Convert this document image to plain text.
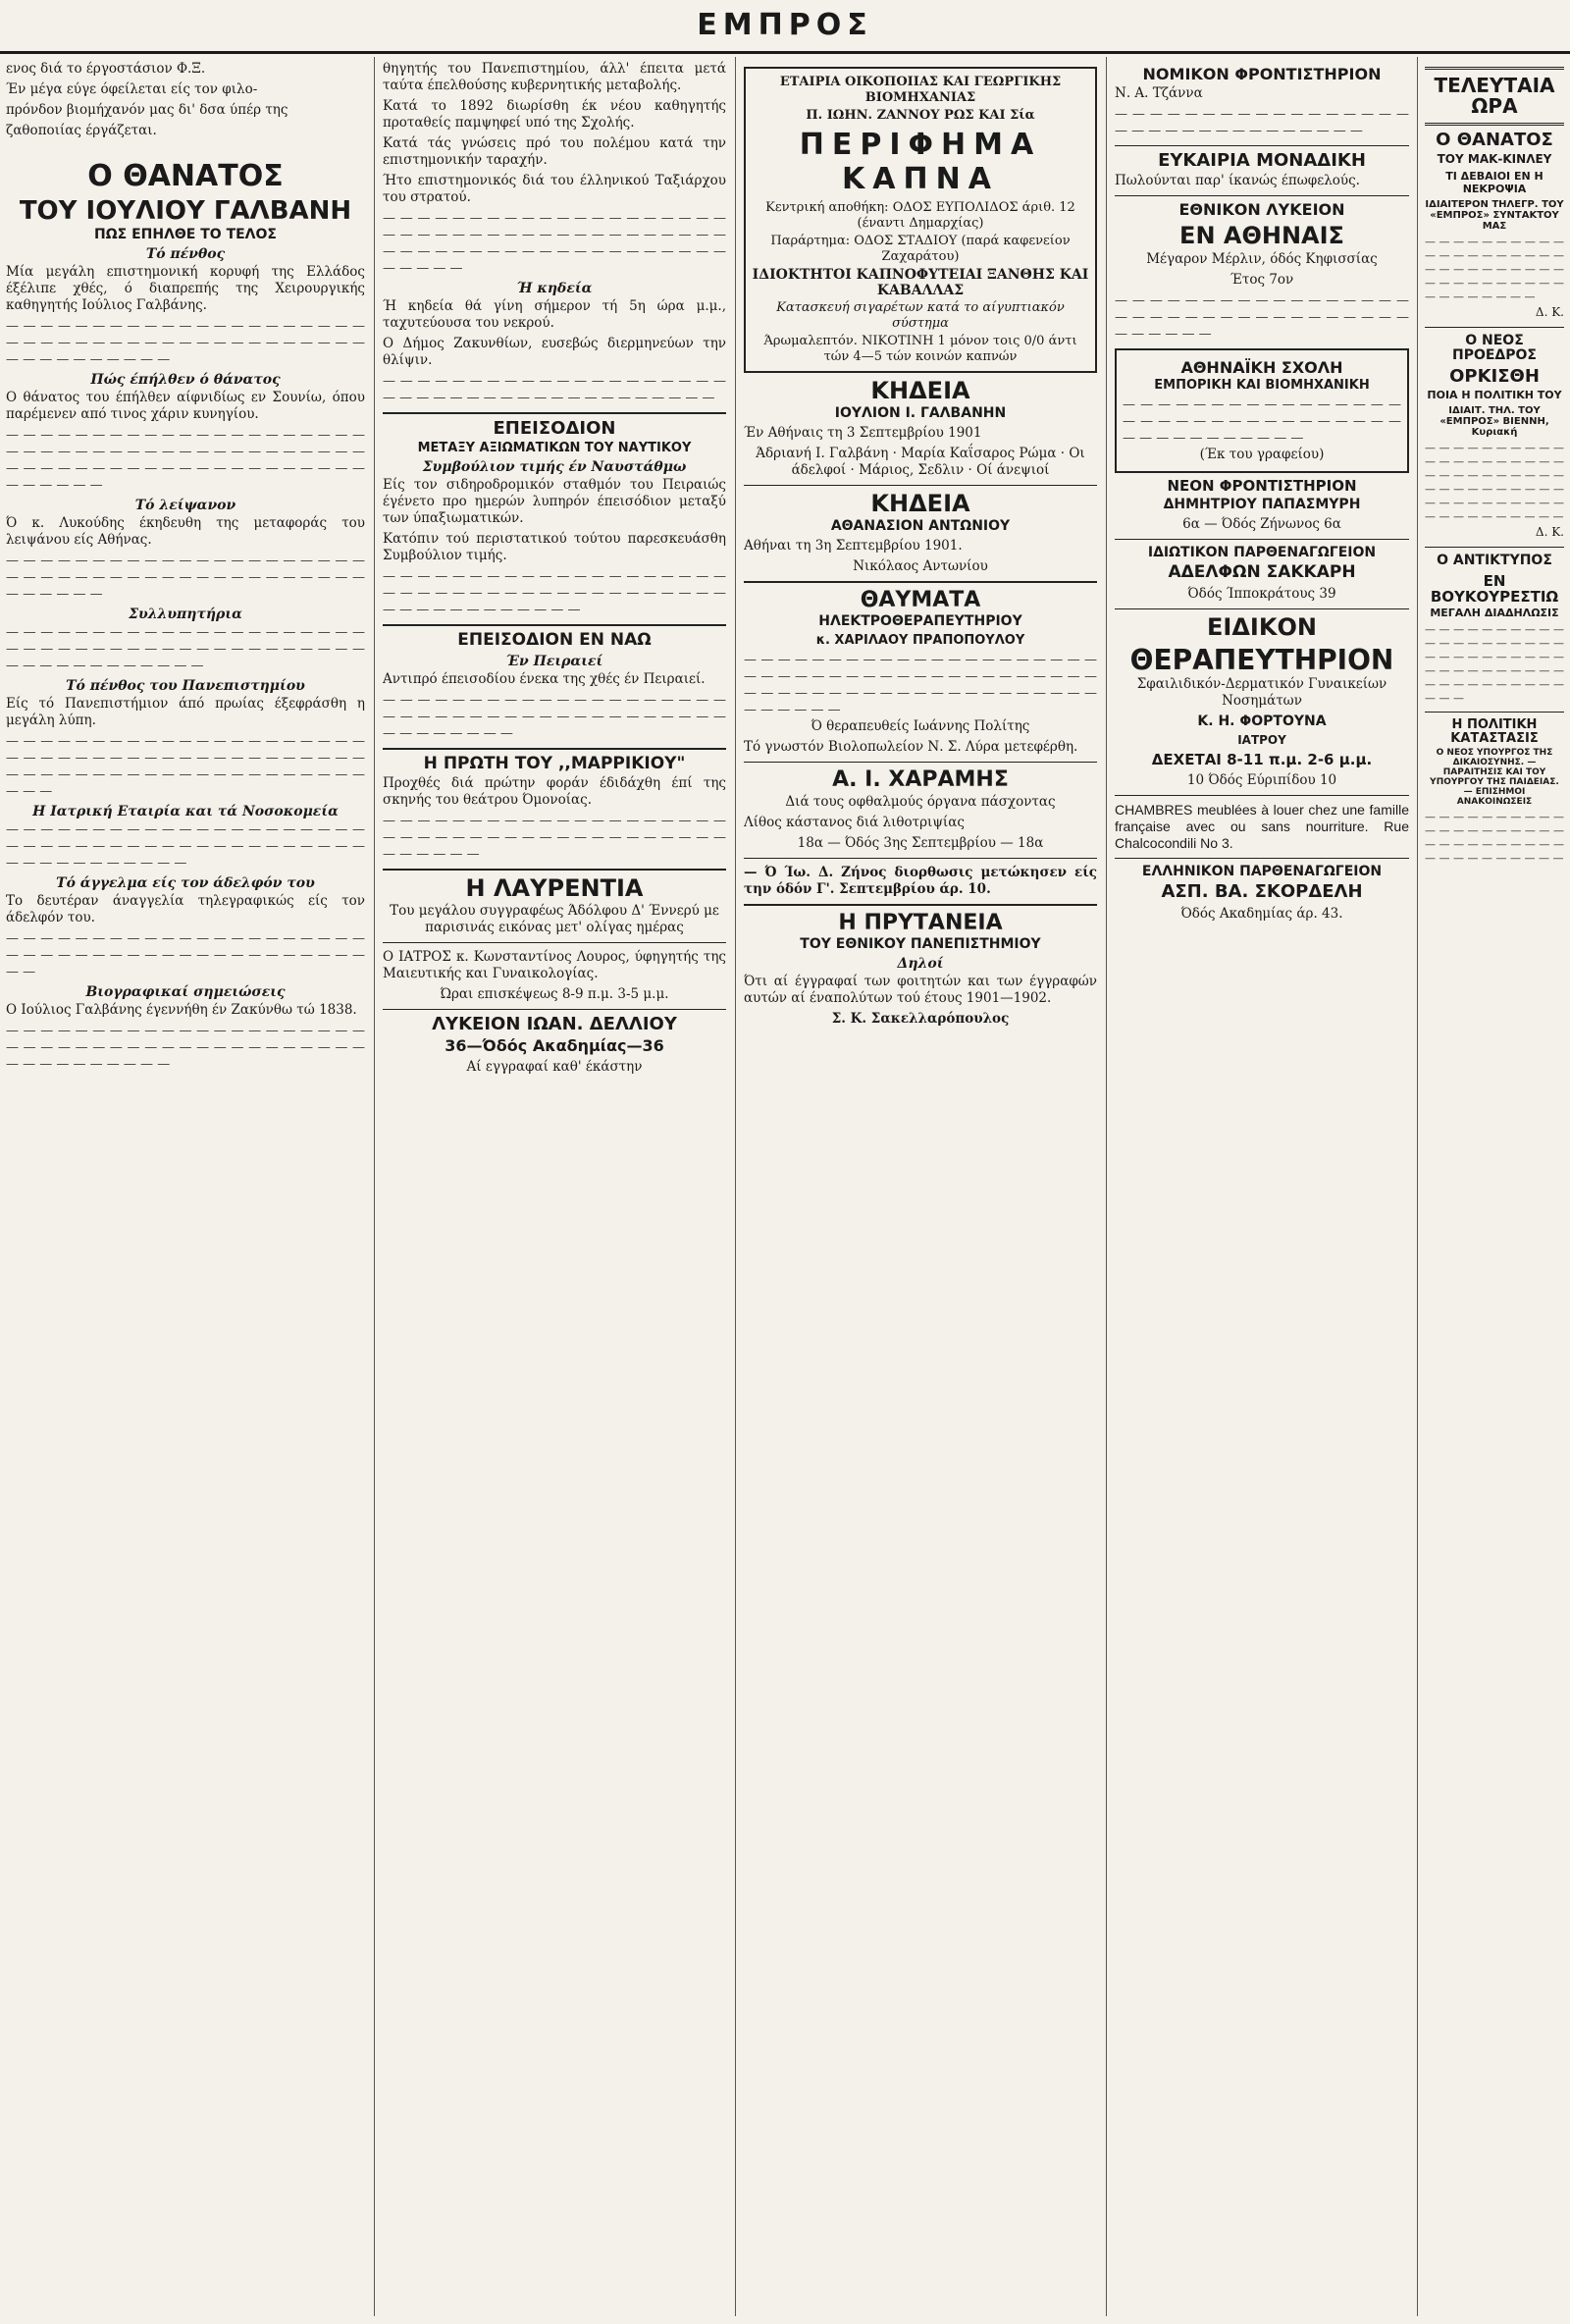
ΕΜΠΡΟΣ

ενος διά το έργοστάσιον Φ.Ξ.

Έν μέγα εύγε όφείλεται είς τον φιλο-

πρόνδον βιομήχανόν μας δι' δσα ύπέρ της

ζαθοποιίας έργάζεται.

Ο ΘΑΝΑΤΟΣ
ΤΟΥ ΙΟΥΛΙΟΥ ΓΑΛΒΑΝΗ
ΠΩΣ ΕΠΗΛΘΕ ΤΟ ΤΕΛΟΣ
Τό πένθος

Μία μεγάλη επιστημονική κορυφή της Ελλάδος έξέλιπε χθές, ό διαπρεπής της Χειρουργικής καθηγητής Ιούλιος Γαλβάνης.

— — — — — — — — — — — — — — — — — — — — — — — — — — — — — — — — — — — — — — — — — — — — — — — — — — — —

Πώς έπήλθεν ό θάνατος

Ο θάνατος του έπήλθεν αίφνιδίως εν Σουνίω, όπου παρέμενεν από τινος χάριν κυνηγίου.

— — — — — — — — — — — — — — — — — — — — — — — — — — — — — — — — — — — — — — — — — — — — — — — — — — — — — — — — — — — — — — — — — — — — —

Τό λείψανον

Ό κ. Λυκούδης έκηδευθη της μεταφοράς του λειψάνου είς Αθήνας.

— — — — — — — — — — — — — — — — — — — — — — — — — — — — — — — — — — — — — — — — — — — — — — — —

Συλλυπητήρια

— — — — — — — — — — — — — — — — — — — — — — — — — — — — — — — — — — — — — — — — — — — — — — — — — — — — — —

Τό πένθος του Πανεπιστημίου

Είς τό Πανεπιστήμιον άπό πρωίας έξεφράσθη η μεγάλη λύπη.

— — — — — — — — — — — — — — — — — — — — — — — — — — — — — — — — — — — — — — — — — — — — — — — — — — — — — — — — — — — — — — — — — —

Η Ιατρική Εταιρία και τά Νοσοκομεία

— — — — — — — — — — — — — — — — — — — — — — — — — — — — — — — — — — — — — — — — — — — — — — — — — — — — —

Τό άγγελμα είς τον άδελφόν του

Το δευτέραν άναγγελία τηλεγραφικώς είς τον άδελφόν του.

— — — — — — — — — — — — — — — — — — — — — — — — — — — — — — — — — — — — — — — — — — — —

Βιογραφικαί σημειώσεις

Ο Ιούλιος Γαλβάνης έγεννήθη έν Ζακύνθω τώ 1838.

— — — — — — — — — — — — — — — — — — — — — — — — — — — — — — — — — — — — — — — — — — — — — — — — — — — —

θηγητής του Πανεπιστημίου, άλλ' έπειτα μετά ταύτα έπελθούσης κυβερνητικής μεταβολής.

Κατά το 1892 διωρίσθη έκ νέου καθηγητής προταθείς παμψηφεί υπό της Σχολής.

Κατά τάς γνώσεις πρό του πολέμου κατά την επιστημονικήν ταραχήν.

Ήτο επιστημονικός διά του έλληνικού Ταξιάρχου του στρατού.

— — — — — — — — — — — — — — — — — — — — — — — — — — — — — — — — — — — — — — — — — — — — — — — — — — — — — — — — — — — — — — — — —

Ή κηδεία

Ή κηδεία θά γίνη σήμερον τή 5η ώρα μ.μ., ταχυτεύουσα του νεκρού.

Ο Δήμος Ζακυνθίων, ευσεβώς διερμηνεύων την θλίψιν.

— — — — — — — — — — — — — — — — — — — — — — — — — — — — — — — — — — — — — — — —

ΕΠΕΙΣΟΔΙΟΝ
ΜΕΤΑΞΥ ΑΞΙΩΜΑΤΙΚΩΝ ΤΟΥ ΝΑΥΤΙΚΟΥ
Συμβούλιον τιμής έν Ναυστάθμω

Είς τον σιδηροδρομικόν σταθμόν του Πειραιώς έγένετο προ ημερών λυπηρόν έπεισόδιον μεταξύ των ύπαξιωματικών.

Κατόπιν τού περιστατικού τούτου παρεσκευάσθη Συμβούλιον τιμής.

— — — — — — — — — — — — — — — — — — — — — — — — — — — — — — — — — — — — — — — — — — — — — — — — — — — —

ΕΠΕΙΣΟΔΙΟΝ ΕΝ ΝΑΩ
Έν Πειραιεί

Αντιπρό έπεισοδίου ένεκα της χθές έν Πειραιεί.

— — — — — — — — — — — — — — — — — — — — — — — — — — — — — — — — — — — — — — — — — — — — — — — —

Η ΠΡΩΤΗ ΤΟΥ ,,ΜΑΡΡΙΚΙΟΥ"

Προχθές διά πρώτην φοράν έδιδάχθη έπί της σκηνής του θεάτρου Όμονοίας.

— — — — — — — — — — — — — — — — — — — — — — — — — — — — — — — — — — — — — — — — — — — — — —

Η ΛΑΥΡΕΝΤΙΑ

Του μεγάλου συγγραφέως Άδόλφου Δ' Έννερύ με παρισινάς εικόνας μετ' ολίγας ημέρας

Ο ΙΑΤΡΟΣ κ. Κωνσταντίνος Λουρος, ύφηγητής της Μαιευτικής και Γυναικολογίας.

Ώραι επισκέψεως 8-9 π.μ. 3-5 μ.μ.

ΛΥΚΕΙΟΝ ΙΩΑΝ. ΔΕΛΛΙΟΥ
36—Όδός Ακαδημίας—36

Αί εγγραφαί καθ' έκάστην

ΕΤΑΙΡΙΑ ΟΙΚΟΠΟΙΙΑΣ ΚΑΙ ΓΕΩΡΓΙΚΗΣ ΒΙΟΜΗΧΑΝΙΑΣ
Π. ΙΩΗΝ. ΖΑΝΝΟΥ ΡΩΣ ΚΑΙ Σία
ΠΕΡΙΦΗΜΑ ΚΑΠΝΑ
Κεντρική αποθήκη: ΟΔΟΣ ΕΥΠΟΛΙΔΟΣ άριθ. 12 (έναντι Δημαρχίας)
Παράρτημα: ΟΔΟΣ ΣΤΑΔΙΟΥ (παρά καφενείον Ζαχαράτου)
ΙΔΙΟΚΤΗΤΟΙ ΚΑΠΝΟΦΥΤΕΙΑΙ ΞΑΝΘΗΣ ΚΑΙ ΚΑΒΑΛΛΑΣ
Κατασκευή σιγαρέτων κατά το αίγυπτιακόν σύστημα
Άρωμαλεπτόν. ΝΙΚΟΤΙΝΗ 1 μόνον τοις 0/0 άντι τών 4—5 τών κοινών καπνών
ΚΗΔΕΙΑ
ΙΟΥΛΙΟΝ Ι. ΓΑΛΒΑΝΗΝ

Έν Αθήναις τη 3 Σεπτεμβρίου 1901

Άδριανή Ι. Γαλβάνη · Μαρία Καΐσαρος Ρώμα · Οι άδελφοί · Μάριος, Σεδλιν · Οί άνεψιοί

ΚΗΔΕΙΑ
ΑΘΑΝΑΣΙΟΝ ΑΝΤΩΝΙΟΥ

Αθήναι τη 3η Σεπτεμβρίου 1901.

Νικόλαος Αντωνίου

ΘΑΥΜΑΤΑ
ΗΛΕΚΤΡΟΘΕΡΑΠΕΥΤΗΡΙΟΥ
κ. ΧΑΡΙΛΑΟΥ ΠΡΑΠΟΠΟΥΛΟΥ

— — — — — — — — — — — — — — — — — — — — — — — — — — — — — — — — — — — — — — — — — — — — — — — — — — — — — — — — — — — — — — — — — — — — —

Ό θεραπευθείς Ιωάννης Πολίτης

Τό γνωστόν Βιολοπωλείον Ν. Σ. Λύρα μετεφέρθη.

Α. Ι. ΧΑΡΑΜΗΣ

Διά τους οφθαλμούς όργανα πάσχοντας

Λίθος κάστανος διά λιθοτριψίας

18α — Όδός 3ης Σεπτεμβρίου — 18α

— Ό Ίω. Δ. Ζήνος διορθωσις μετώκησεν είς την όδόν Γ'. Σεπτεμβρίου άρ. 10.

Η ΠΡΥΤΑΝΕΙΑ
ΤΟΥ ΕΘΝΙΚΟΥ ΠΑΝΕΠΙΣΤΗΜΙΟΥ
Δηλοί

Ότι αί έγγραφαί των φοιτητών και των έγγραφών αυτών αί έναπολύτων τού έτους 1901—1902.

Σ. Κ. Σακελλαρόπουλος

ΝΟΜΙΚΟΝ ΦΡΟΝΤΙΣΤΗΡΙΟΝ

Ν. Α. Τζάννα

— — — — — — — — — — — — — — — — — — — — — — — — — — — — — — — —

ΕΥΚΑΙΡΙΑ ΜΟΝΑΔΙΚΗ

Πωλούνται παρ' ίκανώς έπωφελούς.

ΕΘΝΙΚΟΝ ΛΥΚΕΙΟΝ
ΕΝ ΑΘΗΝΑΙΣ

Μέγαρον Μέρλιν, όδός Κηφισσίας

Έτος 7ον

— — — — — — — — — — — — — — — — — — — — — — — — — — — — — — — — — — — — — — — —

ΑΘΗΝΑΪΚΗ ΣΧΟΛΗ
ΕΜΠΟΡΙΚΗ ΚΑΙ ΒΙΟΜΗΧΑΝΙΚΗ

— — — — — — — — — — — — — — — — — — — — — — — — — — — — — — — — — — — — — — — — — — —

(Έκ του γραφείου)

ΝΕΟΝ ΦΡΟΝΤΙΣΤΗΡΙΟΝ
ΔΗΜΗΤΡΙΟΥ ΠΑΠΑΣΜΥΡΗ

6α — Όδός Ζήνωνος 6α

ΙΔΙΩΤΙΚΟΝ ΠΑΡΘΕΝΑΓΩΓΕΙΟΝ
ΑΔΕΛΦΩΝ ΣΑΚΚΑΡΗ

Όδός Ίπποκράτους 39

ΕΙΔΙΚΟΝ
ΘΕΡΑΠΕΥΤΗΡΙΟΝ

Σφαιλιδικόν-Δερματικόν Γυναικείων Νοσημάτων

Κ. Η. ΦΟΡΤΟΥΝΑ
ΙΑΤΡΟΥ
ΔΕΧΕΤΑΙ 8-11 π.μ. 2-6 μ.μ.

10 Όδός Εύριπίδου 10

CHAMBRES meublées à louer chez une famille française avec ou sans nourriture. Rue Chalcocondili No 3.

ΕΛΛΗΝΙΚΟΝ ΠΑΡΘΕΝΑΓΩΓΕΙΟΝ
ΑΣΠ. ΒΑ. ΣΚΟΡΔΕΛΗ

Όδός Ακαδημίας άρ. 43.

ΤΕΛΕΥΤΑΙΑ ΩΡΑ
Ο ΘΑΝΑΤΟΣ
ΤΟΥ ΜΑΚ-ΚΙΝΛΕΥ
ΤΙ ΔΕΒΑΙΟΙ ΕΝ Η ΝΕΚΡΟΨΙΑ
ΙΔΙΑΙΤΕΡΟΝ ΤΗΛΕΓΡ. ΤΟΥ «ΕΜΠΡΟΣ» ΣΥΝΤΑΚΤΟΥ ΜΑΣ

— — — — — — — — — — — — — — — — — — — — — — — — — — — — — — — — — — — — — — — — — — — — — — — —

Δ. Κ.

Ο ΝΕΟΣ ΠΡΟΕΔΡΟΣ
ΟΡΚΙΣΘΗ
ΠΟΙΑ Η ΠΟΛΙΤΙΚΗ ΤΟΥ
ΙΔΙΑΙΤ. ΤΗΛ. ΤΟΥ «ΕΜΠΡΟΣ» ΒΙΕΝΝΗ, Κυριακή

— — — — — — — — — — — — — — — — — — — — — — — — — — — — — — — — — — — — — — — — — — — — — — — — — — — — — — — — — — — —

Δ. Κ.

Ο ΑΝΤΙΚΤΥΠΟΣ
ΕΝ ΒΟΥΚΟΥΡΕΣΤΙΩ
ΜΕΓΑΛΗ ΔΙΑΔΗΛΩΣΙΣ

— — — — — — — — — — — — — — — — — — — — — — — — — — — — — — — — — — — — — — — — — — — — — — — — — — — — —

Η ΠΟΛΙΤΙΚΗ ΚΑΤΑΣΤΑΣΙΣ
Ο ΝΕΟΣ ΥΠΟΥΡΓΟΣ ΤΗΣ ΔΙΚΑΙΟΣΥΝΗΣ. — ΠΑΡΑΙΤΗΣΙΣ ΚΑΙ ΤΟΥ ΥΠΟΥΡΓΟΥ ΤΗΣ ΠΑΙΔΕΙΑΣ. — ΕΠΙΣΗΜΟΙ ΑΝΑΚΟΙΝΩΣΕΙΣ

— — — — — — — — — — — — — — — — — — — — — — — — — — — — — — — — — — — — — — — —
